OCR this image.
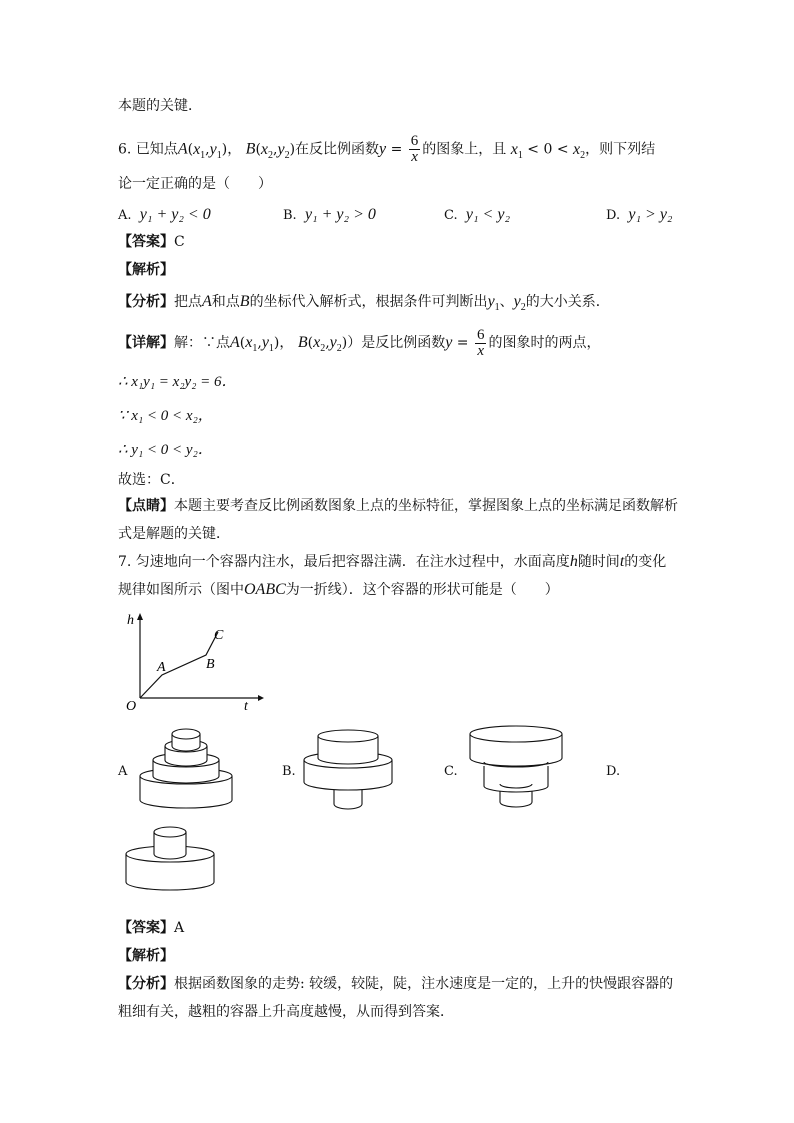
本题的关键．
6. 已知点$A(x_1,y_1)$， $B(x_2,y_2)$在反比例函数$y = \frac{6}{x}$ 的图象上，且 $x_1 < 0 < x_2$，则下列结
论一定正确的是（　　）
A. y₁ + y₂ < 0	B. y₁ + y₂ > 0	C. y₁ < y₂	D. y₁ > y₂
【答案】C
【解析】
【分析】把点A和点B的坐标代入解析式，根据条件可判断出$y_1$、$y_2$的大小关系．
【详解】解：∵点$A(x_1,y_1)$， $B(x_2,y_2)$）是反比例函数$y = \frac{6}{x}$ 的图象时的两点，
∴ x₁y₁ = x₂y₂ = 6．
∵ x₁ < 0 < x₂，
∴ y₁ < 0 < y₂．
故选：C．
【点睛】本题主要考查反比例函数图象上点的坐标特征，掌握图象上点的坐标满足函数解析
式是解题的关键．
7. 匀速地向一个容器内注水，最后把容器注满．在注水过程中，水面高度h随时间t的变化
规律如图所示（图中OABC为一折线）．这个容器的形状可能是（　　）
h
t
O
A	B
C
A	B.	C.	D.
【答案】A
【解析】
【分析】根据函数图象的走势: 较缓，较陡，陡，注水速度是一定的，上升的快慢跟容器的
粗细有关，越粗的容器上升高度越慢，从而得到答案．
